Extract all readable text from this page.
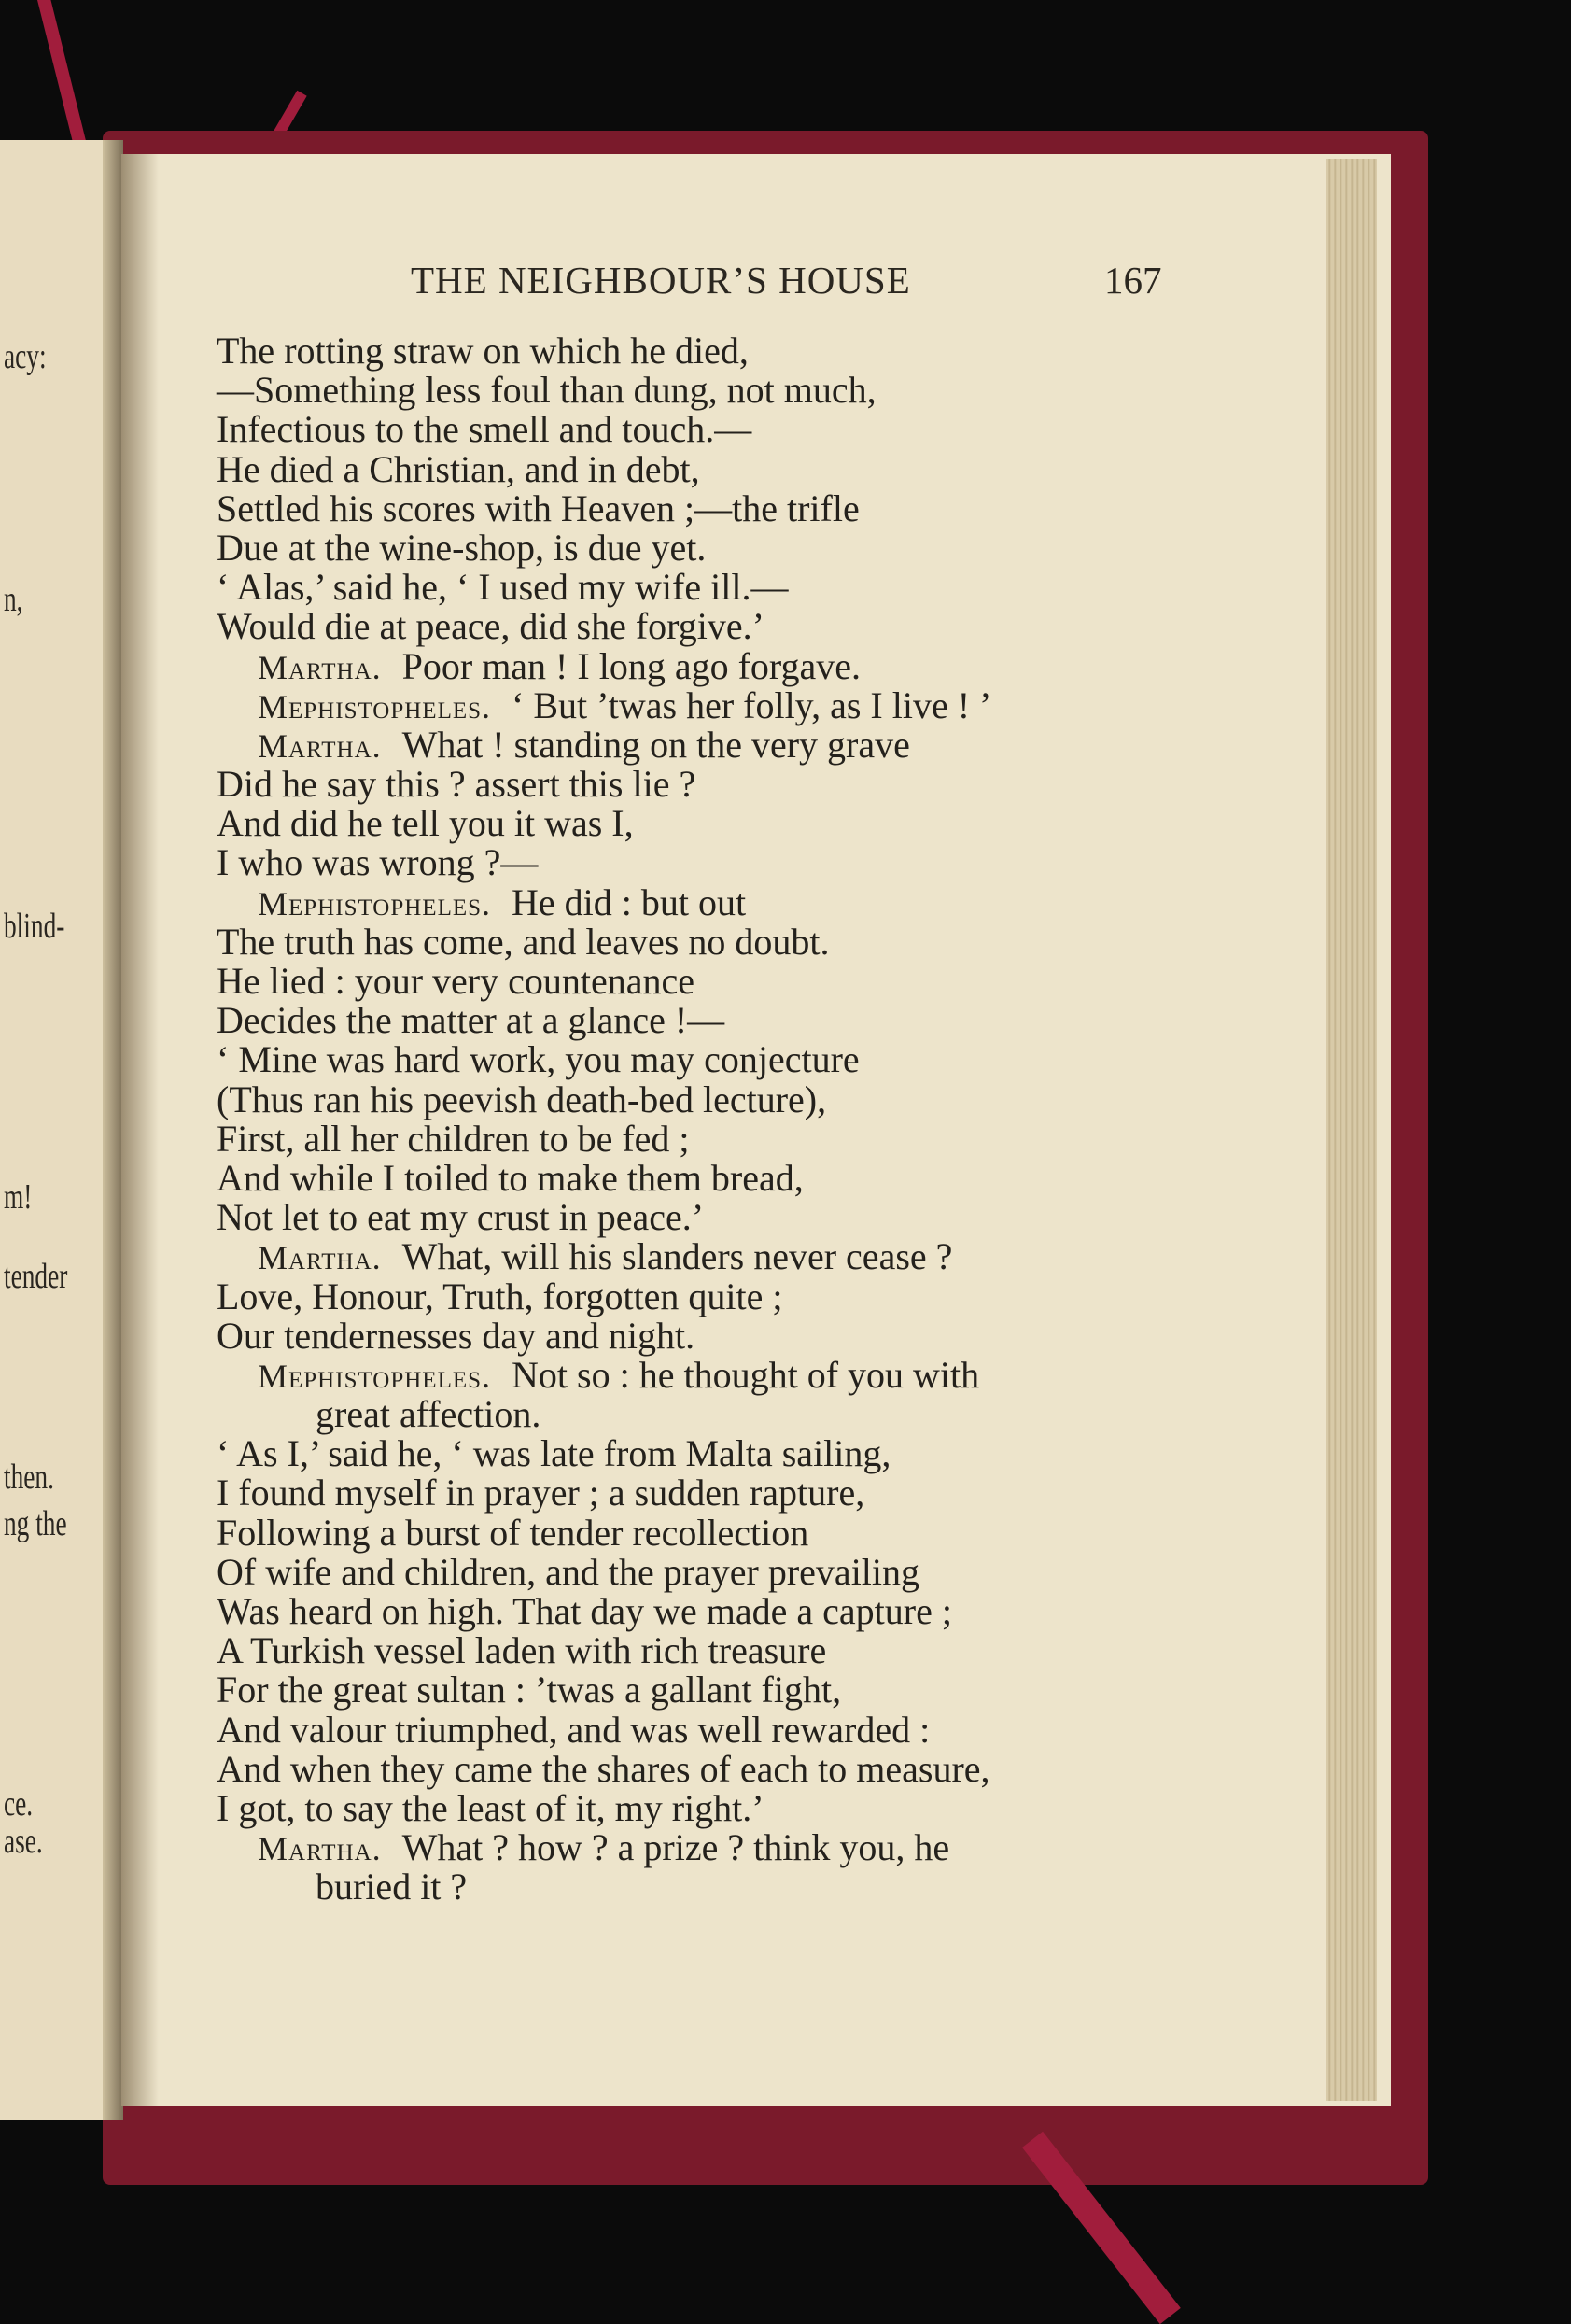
acy:
n,
blind-
m!
tender
then.
ng the
ce.
ase.
THE NEIGHBOUR’S HOUSE	167
The rotting straw on which he died,
—Something less foul than dung, not much,
Infectious to the smell and touch.—
He died a Christian, and in debt,
Settled his scores with Heaven ;—the trifle
Due at the wine-shop, is due yet.
‘ Alas,’ said he, ‘ I used my wife ill.—
Would die at peace, did she forgive.’
Martha. Poor man ! I long ago forgave.
Mephistopheles. ‘ But ’twas her folly, as I live ! ’
Martha. What ! standing on the very grave
Did he say this ? assert this lie ?
And did he tell you it was I,
I who was wrong ?—
Mephistopheles. He did : but out
The truth has come, and leaves no doubt.
He lied : your very countenance
Decides the matter at a glance !—
‘ Mine was hard work, you may conjecture
(Thus ran his peevish death-bed lecture),
First, all her children to be fed ;
And while I toiled to make them bread,
Not let to eat my crust in peace.’
Martha. What, will his slanders never cease ?
Love, Honour, Truth, forgotten quite ;
Our tendernesses day and night.
Mephistopheles. Not so : he thought of you with
great affection.
‘ As I,’ said he, ‘ was late from Malta sailing,
I found myself in prayer ; a sudden rapture,
Following a burst of tender recollection
Of wife and children, and the prayer prevailing
Was heard on high. That day we made a capture ;
A Turkish vessel laden with rich treasure
For the great sultan : ’twas a gallant fight,
And valour triumphed, and was well rewarded :
And when they came the shares of each to measure,
I got, to say the least of it, my right.’
Martha. What ? how ? a prize ? think you, he
buried it ?
